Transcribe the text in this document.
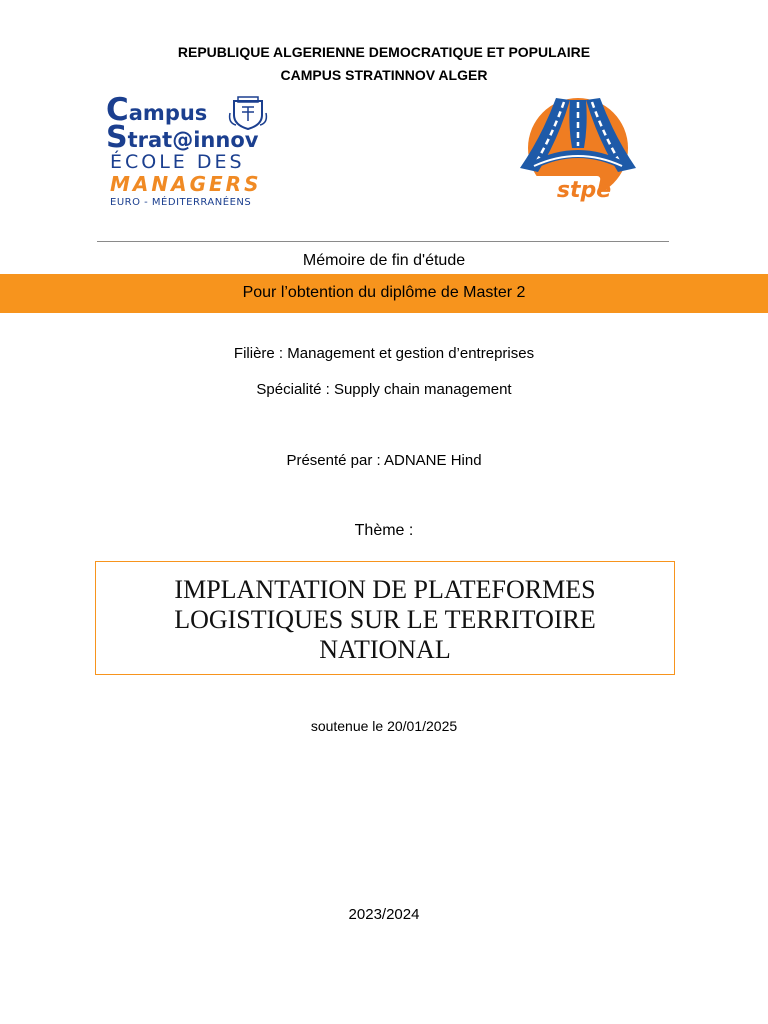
REPUBLIQUE ALGERIENNE DEMOCRATIQUE ET POPULAIRE
CAMPUS STRATINNOV ALGER
Campus
Strat@innov
ÉCOLE DES
MANAGERS
EURO - MÉDITERRANÉENS	stpe
Mémoire de fin d'étude
Pour l’obtention du diplôme de Master 2
Filière : Management et gestion d’entreprises
Spécialité : Supply chain management
Présenté par : ADNANE Hind
Thème :
IMPLANTATION DE PLATEFORMES
LOGISTIQUES SUR LE TERRITOIRE
NATIONAL
soutenue le 20/01/2025
2023/2024
